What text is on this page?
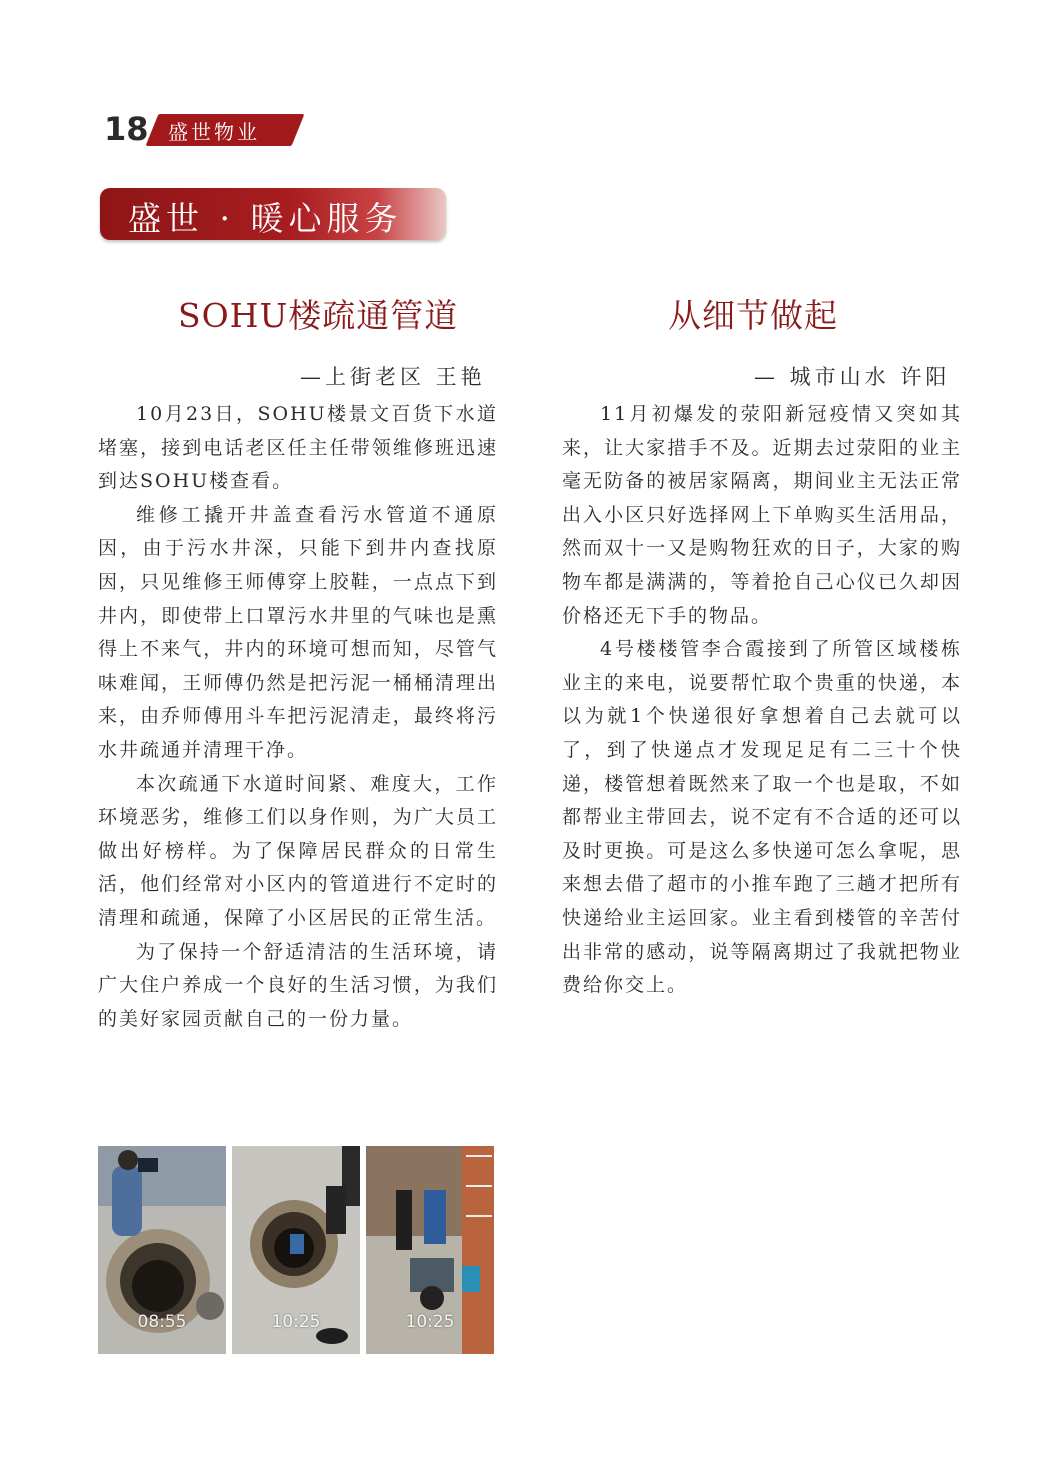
18 盛世物业
盛世 · 暖心服务
SOHU楼疏通管道
—上街老区 王艳

10月23日，SOHU楼景文百货下水道堵塞，接到电话老区任主任带领维修班迅速到达SOHU楼查看。

维修工撬开井盖查看污水管道不通原因，由于污水井深，只能下到井内查找原因，只见维修王师傅穿上胶鞋，一点点下到井内，即使带上口罩污水井里的气味也是熏得上不来气，井内的环境可想而知，尽管气味难闻，王师傅仍然是把污泥一桶桶清理出来，由乔师傅用斗车把污泥清走，最终将污水井疏通并清理干净。

本次疏通下水道时间紧、难度大，工作环境恶劣，维修工们以身作则，为广大员工做出好榜样。为了保障居民群众的日常生活，他们经常对小区内的管道进行不定时的清理和疏通，保障了小区居民的正常生活。

为了保持一个舒适清洁的生活环境，请广大住户养成一个良好的生活习惯，为我们的美好家园贡献自己的一份力量。

08:55	10:25	10:25
从细节做起
— 城市山水 许阳

11月初爆发的荥阳新冠疫情又突如其来，让大家措手不及。近期去过荥阳的业主毫无防备的被居家隔离，期间业主无法正常出入小区只好选择网上下单购买生活用品，然而双十一又是购物狂欢的日子，大家的购物车都是满满的，等着抢自己心仪已久却因价格还无下手的物品。

4号楼楼管李合霞接到了所管区域楼栋业主的来电，说要帮忙取个贵重的快递，本以为就1个快递很好拿想着自己去就可以了，到了快递点才发现足足有二三十个快递，楼管想着既然来了取一个也是取，不如都帮业主带回去，说不定有不合适的还可以及时更换。可是这么多快递可怎么拿呢，思来想去借了超市的小推车跑了三趟才把所有快递给业主运回家。业主看到楼管的辛苦付出非常的感动，说等隔离期过了我就把物业费给你交上。
